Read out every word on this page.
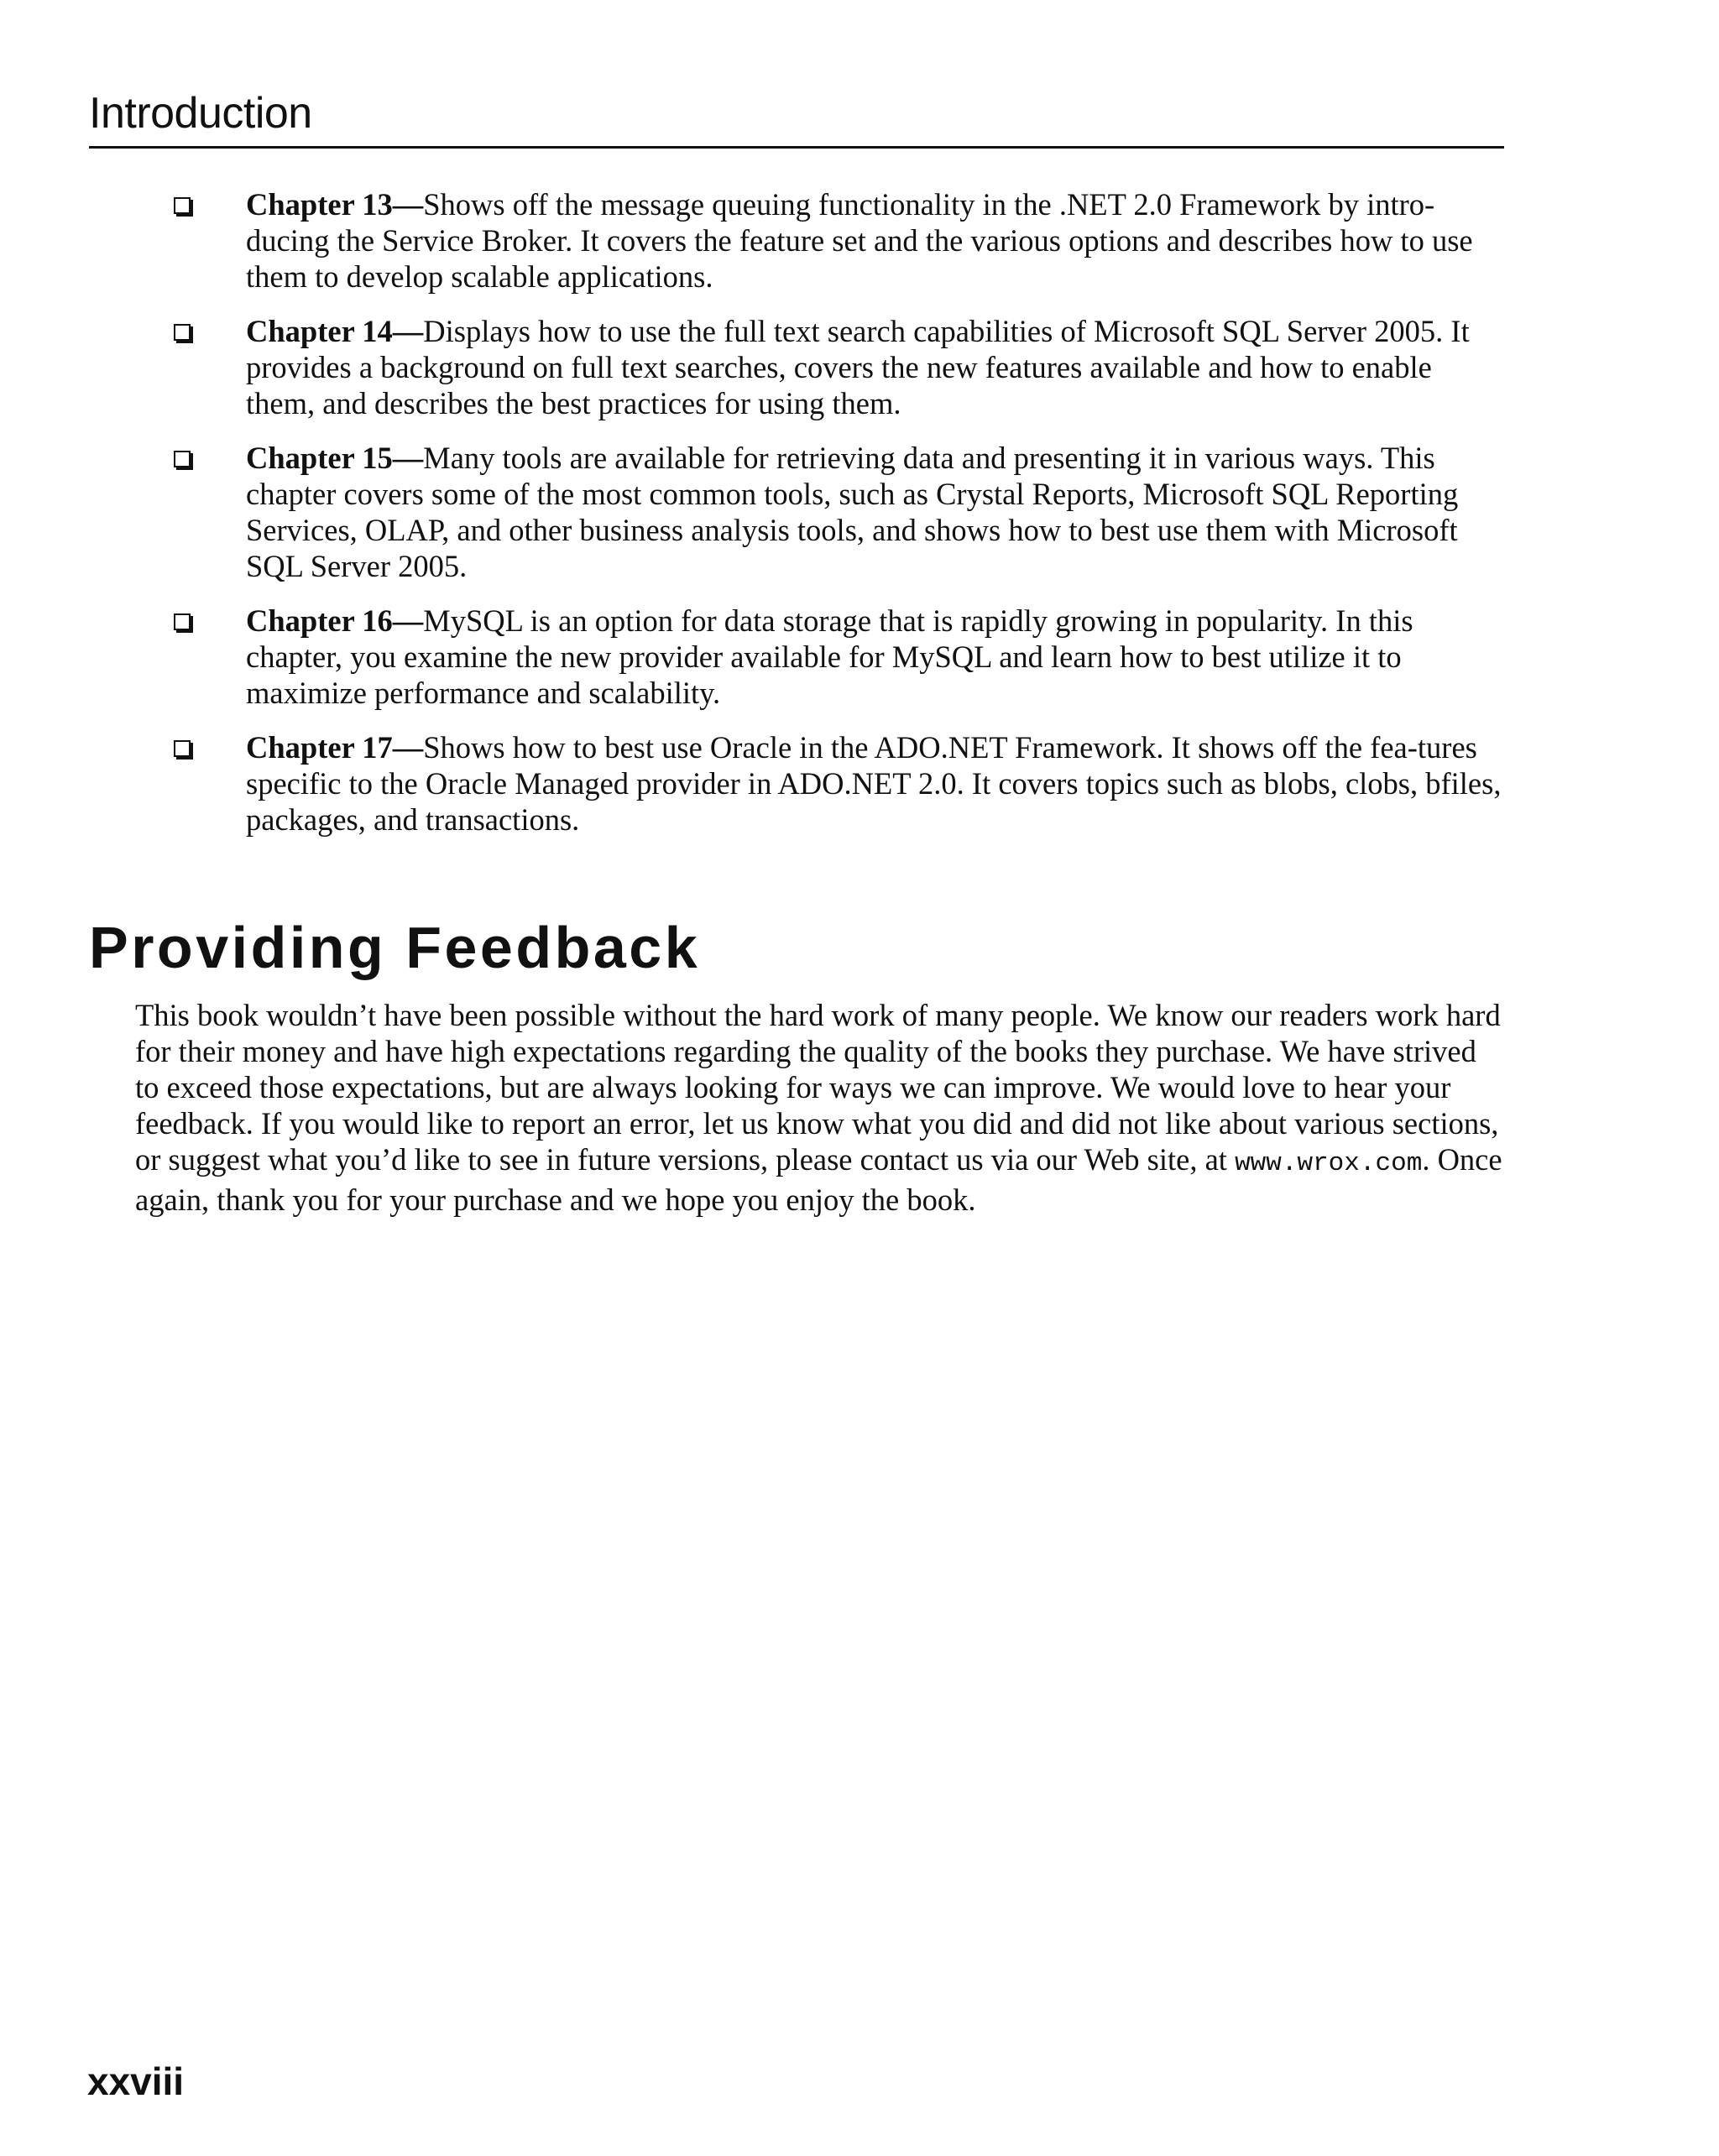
Introduction
Chapter 13—Shows off the message queuing functionality in the .NET 2.0 Framework by intro-ducing the Service Broker. It covers the feature set and the various options and describes how to use them to develop scalable applications.
Chapter 14—Displays how to use the full text search capabilities of Microsoft SQL Server 2005. It provides a background on full text searches, covers the new features available and how to enable them, and describes the best practices for using them.
Chapter 15—Many tools are available for retrieving data and presenting it in various ways. This chapter covers some of the most common tools, such as Crystal Reports, Microsoft SQL Reporting Services, OLAP, and other business analysis tools, and shows how to best use them with Microsoft SQL Server 2005.
Chapter 16—MySQL is an option for data storage that is rapidly growing in popularity. In this chapter, you examine the new provider available for MySQL and learn how to best utilize it to maximize performance and scalability.
Chapter 17—Shows how to best use Oracle in the ADO.NET Framework. It shows off the fea-tures specific to the Oracle Managed provider in ADO.NET 2.0. It covers topics such as blobs, clobs, bfiles, packages, and transactions.
Providing Feedback

This book wouldn’t have been possible without the hard work of many people. We know our readers work hard for their money and have high expectations regarding the quality of the books they purchase. We have strived to exceed those expectations, but are always looking for ways we can improve. We would love to hear your feedback. If you would like to report an error, let us know what you did and did not like about various sections, or suggest what you’d like to see in future versions, please contact us via our Web site, at www.wrox.com. Once again, thank you for your purchase and we hope you enjoy the book.

xxviii
